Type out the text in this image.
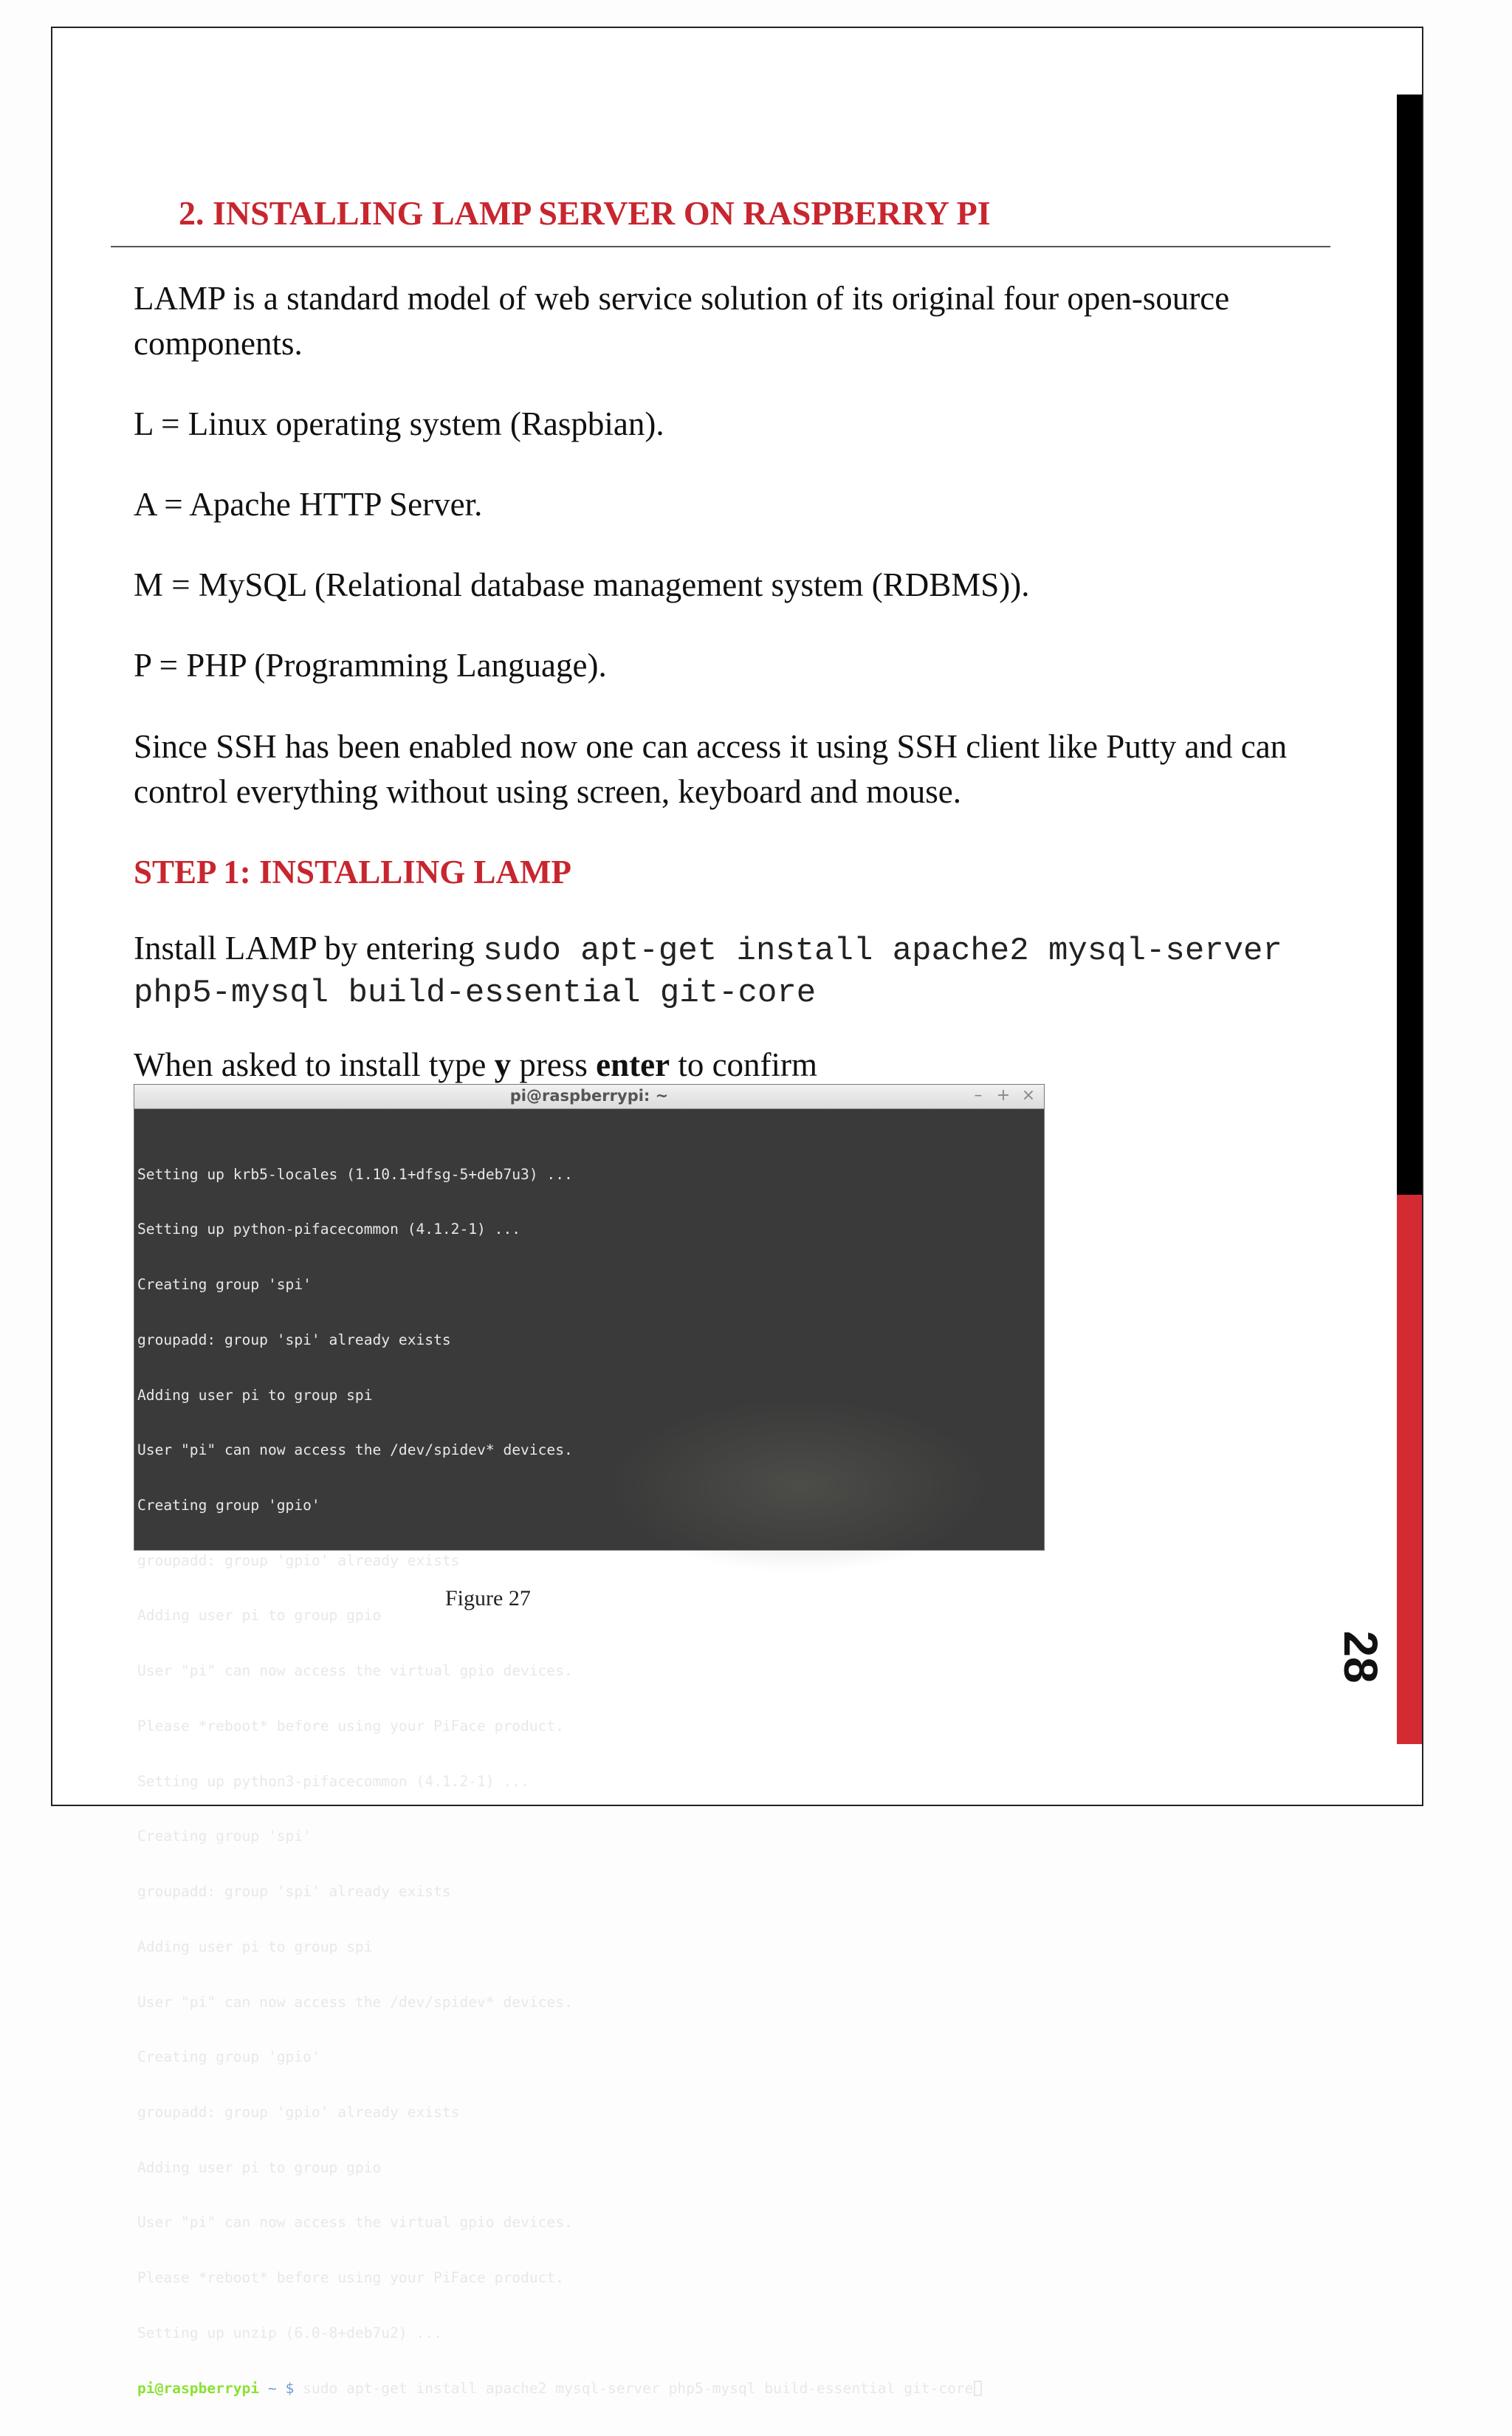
28
2. INSTALLING LAMP SERVER ON RASPBERRY PI
LAMP is a standard model of web service solution of its original four open-source components.
L = Linux operating system (Raspbian).
A = Apache HTTP Server.
M = MySQL (Relational database management system (RDBMS)).
P = PHP (Programming Language).
Since SSH has been enabled now one can access it using SSH client like Putty and can control everything without using screen, keyboard and mouse.
STEP 1: INSTALLING LAMP
Install LAMP by entering sudo apt-get install apache2 mysql-server php5-mysql build-essential git-core
When asked to install type y press enter to confirm
pi@raspberrypi: ~	– + ×

Setting up krb5-locales (1.10.1+dfsg-5+deb7u3) ...

Setting up python-pifacecommon (4.1.2-1) ...

Creating group 'spi'

groupadd: group 'spi' already exists

Adding user pi to group spi

User "pi" can now access the /dev/spidev* devices.

Creating group 'gpio'

groupadd: group 'gpio' already exists

Adding user pi to group gpio

User "pi" can now access the virtual gpio devices.

Please *reboot* before using your PiFace product.

Setting up python3-pifacecommon (4.1.2-1) ...

Creating group 'spi'

groupadd: group 'spi' already exists

Adding user pi to group spi

User "pi" can now access the /dev/spidev* devices.

Creating group 'gpio'

groupadd: group 'gpio' already exists

Adding user pi to group gpio

User "pi" can now access the virtual gpio devices.

Please *reboot* before using your PiFace product.

Setting up unzip (6.0-8+deb7u2) ...

pi@raspberrypi ~ $ sudo apt-get install apache2 mysql-server php5-mysql build-essential git-core

Figure 27
